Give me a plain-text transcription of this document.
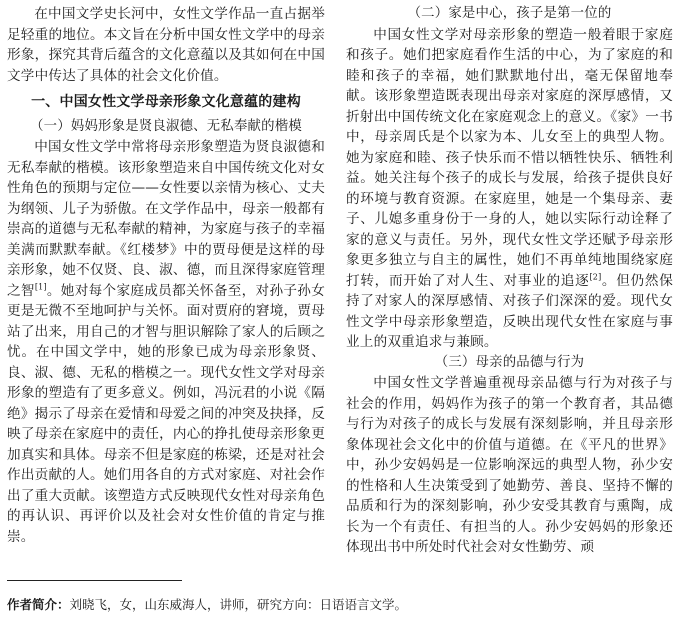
在中国文学史长河中，女性文学作品一直占据举足轻重的地位。本文旨在分析中国女性文学中的母亲形象，探究其背后蕴含的文化意蕴以及其如何在中国文学中传达了具体的社会文化价值。

一、中国女性文学母亲形象文化意蕴的建构

（一）妈妈形象是贤良淑德、无私奉献的楷模

中国女性文学中常将母亲形象塑造为贤良淑德和无私奉献的楷模。该形象塑造来自中国传统文化对女性角色的预期与定位——女性要以亲情为核心、丈夫为纲领、儿子为骄傲。在文学作品中，母亲一般都有崇高的道德与无私奉献的精神，为家庭与孩子的幸福美满而默默奉献。《红楼梦》中的贾母便是这样的母亲形象，她不仅贤、良、淑、德，而且深得家庭管理之智[1]。她对每个家庭成员都关怀备至，对孙子孙女更是无微不至地呵护与关怀。面对贾府的窘境，贾母站了出来，用自己的才智与胆识解除了家人的后顾之忧。在中国文学中，她的形象已成为母亲形象贤、良、淑、德、无私的楷模之一。现代女性文学对母亲形象的塑造有了更多意义。例如，冯沅君的小说《隔绝》揭示了母亲在爱情和母爱之间的冲突及抉择，反映了母亲在家庭中的责任，内心的挣扎使母亲形象更加真实和具体。母亲不但是家庭的栋梁，还是对社会作出贡献的人。她们用各自的方式对家庭、对社会作出了重大贡献。该塑造方式反映现代女性对母亲角色的再认识、再评价以及社会对女性价值的肯定与推崇。

（二）家是中心，孩子是第一位的

中国女性文学对母亲形象的塑造一般着眼于家庭和孩子。她们把家庭看作生活的中心，为了家庭的和睦和孩子的幸福，她们默默地付出，毫无保留地奉献。该形象塑造既表现出母亲对家庭的深厚感情，又折射出中国传统文化在家庭观念上的意义。《家》一书中，母亲周氏是个以家为本、儿女至上的典型人物。她为家庭和睦、孩子快乐而不惜以牺牲快乐、牺牲利益。她关注每个孩子的成长与发展，给孩子提供良好的环境与教育资源。在家庭里，她是一个集母亲、妻子、儿媳多重身份于一身的人，她以实际行动诠释了家的意义与责任。另外，现代女性文学还赋予母亲形象更多独立与自主的属性，她们不再单纯地围绕家庭打转，而开始了对人生、对事业的追逐[2]。但仍然保持了对家人的深厚感情、对孩子们深深的爱。现代女性文学中母亲形象塑造，反映出现代女性在家庭与事业上的双重追求与兼顾。

（三）母亲的品德与行为

中国女性文学普遍重视母亲品德与行为对孩子与社会的作用，妈妈作为孩子的第一个教育者，其品德与行为对孩子的成长与发展有深刻影响，并且母亲形象体现社会文化中的价值与道德。在《平凡的世界》中，孙少安妈妈是一位影响深远的典型人物，孙少安的性格和人生决策受到了她勤劳、善良、坚持不懈的品质和行为的深刻影响，孙少安受其教育与熏陶，成长为一个有责任、有担当的人。孙少安妈妈的形象还体现出书中所处时代社会对女性勤劳、顽

作者简介：刘晓飞，女，山东威海人，讲师，研究方向：日语语言文学。
